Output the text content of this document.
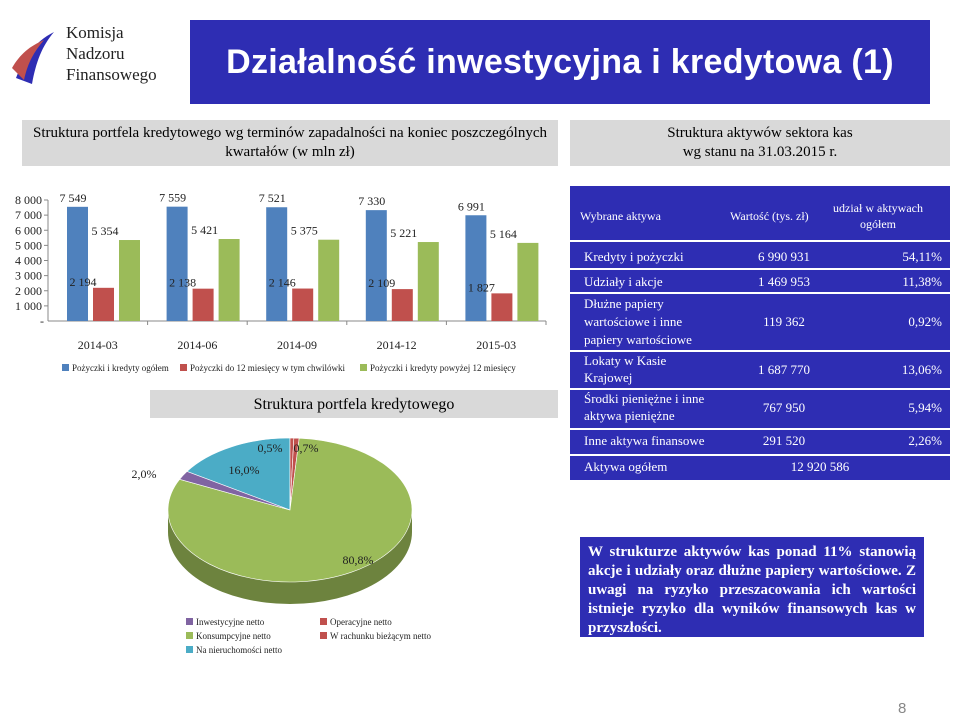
Komisja
Nadzoru
Finansowego	Działalność inwestycyjna i kredytowa (1)
Struktura portfela kredytowego wg terminów zapadalności na koniec poszczególnych kwartałów (w mln zł)
Struktura aktywów sektora kas
wg stanu na 31.03.2015 r.
-
1 000
2 000
3 000
4 000
5 000
6 000
7 000
8 000 7 549
2 194
5 354
2014-03
7 559
2 138
5 421
2014-06
7 521
2 146
5 375
2014-09
7 330
2 109
5 221
2014-12
6 991
1 827
5 164
2015-03
Pożyczki i kredyty ogółem Pożyczki do 12 miesięcy w tym chwilówki	Pożyczki i kredyty powyżej 12 miesięcy
Struktura portfela kredytowego
2,0%
0,5%
80,8%
0,7%
16,0%
Inwestycyjne netto	Operacyjne netto
Konsumpcyjne netto	W rachunku bieżącym netto
Na nieruchomości netto
Wybrane aktywa	Wartość (tys. zł)
udział w aktywach ogółem
Kredyty i pożyczki	6 990 931	54,11%
Udziały i akcje	1 469 953	11,38%
Dłużne papiery
wartościowe i inne
papiery wartościowe
119 362	0,92%
Lokaty w Kasie
Krajowej
1 687 770	13,06%
Środki pieniężne i inne
aktywa pieniężne
767 950	5,94%
Inne aktywa finansowe	291 520	2,26%
Aktywa ogółem	12 920 586
W strukturze aktywów kas ponad 11% stanowią akcje i udziały oraz dłużne papiery wartościowe. Z uwagi na ryzyko przeszacowania ich wartości istnieje ryzyko dla wyników finansowych kas w przyszłości.
8
